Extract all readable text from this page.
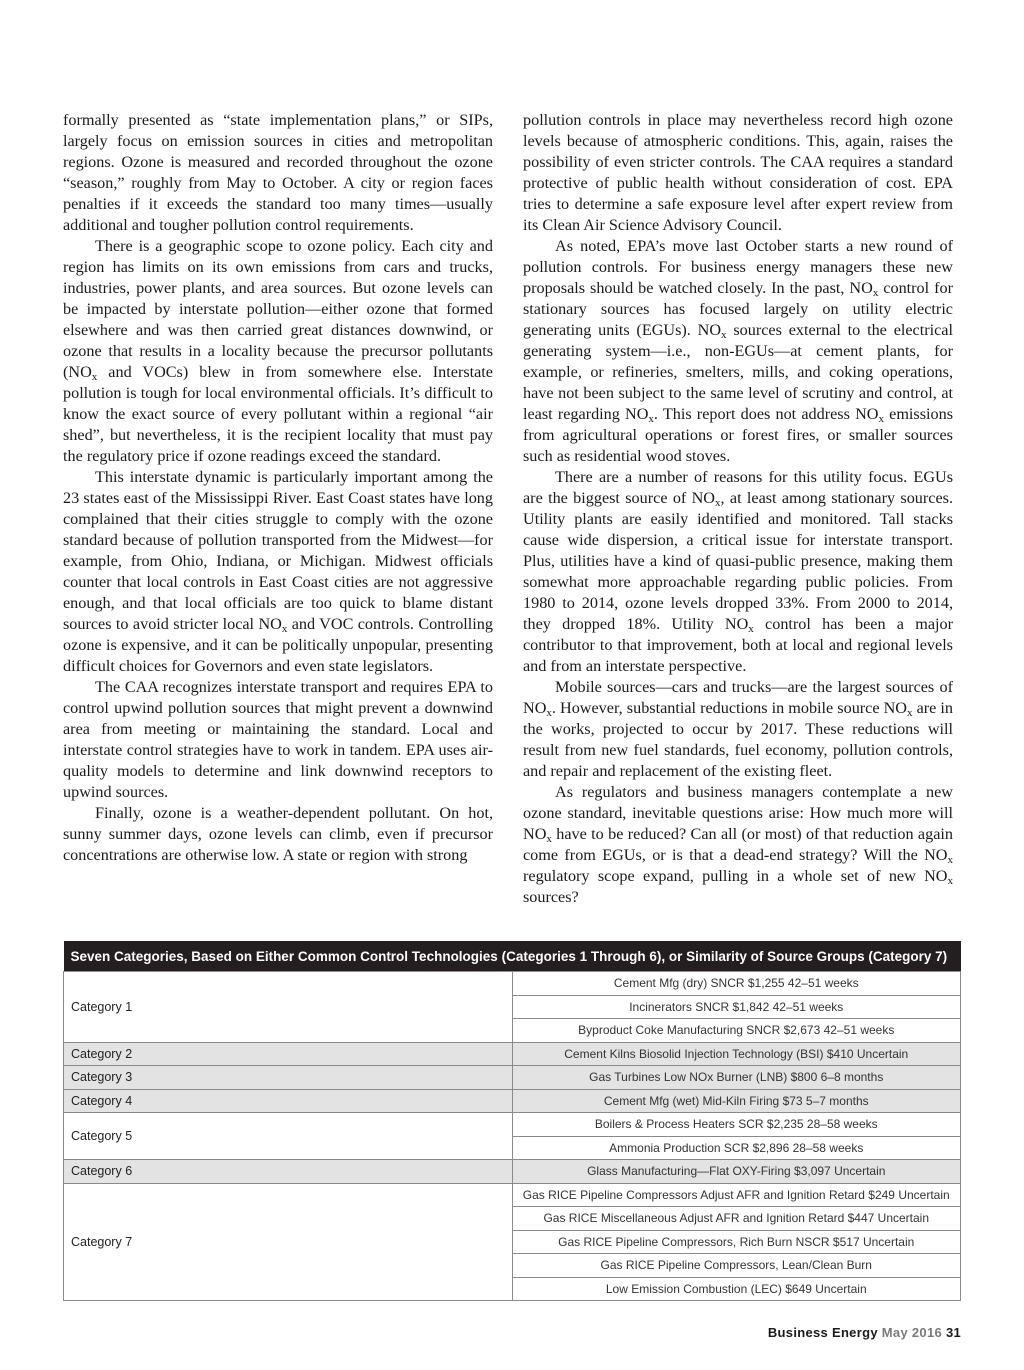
formally presented as “state implementation plans,” or SIPs, largely focus on emission sources in cities and metropolitan regions. Ozone is measured and recorded throughout the ozone “season,” roughly from May to October. A city or region faces penalties if it exceeds the standard too many times—usually additional and tougher pollution control requirements.

There is a geographic scope to ozone policy. Each city and region has limits on its own emissions from cars and trucks, industries, power plants, and area sources. But ozone levels can be impacted by interstate pollution—either ozone that formed elsewhere and was then carried great distances downwind, or ozone that results in a locality because the precursor pollutants ($NO_x$ and VOCs) blew in from somewhere else. Interstate pollution is tough for local environmental officials. It’s difficult to know the exact source of every pollutant within a regional “air shed”, but nevertheless, it is the recipient locality that must pay the regulatory price if ozone readings exceed the standard.

This interstate dynamic is particularly important among the 23 states east of the Mississippi River. East Coast states have long complained that their cities struggle to comply with the ozone standard because of pollution transported from the Midwest—for example, from Ohio, Indiana, or Michigan. Midwest officials counter that local controls in East Coast cities are not aggressive enough, and that local officials are too quick to blame distant sources to avoid stricter local $NO_x$ and VOC controls. Controlling ozone is expensive, and it can be politically unpopular, presenting difficult choices for Governors and even state legislators.

The CAA recognizes interstate transport and requires EPA to control upwind pollution sources that might prevent a downwind area from meeting or maintaining the standard. Local and interstate control strategies have to work in tandem. EPA uses air-quality models to determine and link downwind receptors to upwind sources.

Finally, ozone is a weather-dependent pollutant. On hot, sunny summer days, ozone levels can climb, even if precursor concentrations are otherwise low. A state or region with strong

pollution controls in place may nevertheless record high ozone levels because of atmospheric conditions. This, again, raises the possibility of even stricter controls. The CAA requires a standard protective of public health without consideration of cost. EPA tries to determine a safe exposure level after expert review from its Clean Air Science Advisory Council.

As noted, EPA’s move last October starts a new round of pollution controls. For business energy managers these new proposals should be watched closely. In the past, $NO_x$ control for stationary sources has focused largely on utility electric generating units (EGUs). $NO_x$ sources external to the electrical generating system—i.e., non-EGUs—at cement plants, for example, or refineries, smelters, mills, and coking operations, have not been subject to the same level of scrutiny and control, at least regarding $NO_x$. This report does not address $NO_x$ emissions from agricultural operations or forest fires, or smaller sources such as residential wood stoves.

There are a number of reasons for this utility focus. EGUs are the biggest source of $NO_x$, at least among stationary sources. Utility plants are easily identified and monitored. Tall stacks cause wide dispersion, a critical issue for interstate transport. Plus, utilities have a kind of quasi-public presence, making them somewhat more approachable regarding public policies. From 1980 to 2014, ozone levels dropped 33%. From 2000 to 2014, they dropped 18%. Utility $NO_x$ control has been a major contributor to that improvement, both at local and regional levels and from an interstate perspective.

Mobile sources—cars and trucks—are the largest sources of $NO_x$. However, substantial reductions in mobile source $NO_x$ are in the works, projected to occur by 2017. These reductions will result from new fuel standards, fuel economy, pollution controls, and repair and replacement of the existing fleet.

As regulators and business managers contemplate a new ozone standard, inevitable questions arise: How much more will $NO_x$ have to be reduced? Can all (or most) of that reduction again come from EGUs, or is that a dead-end strategy? Will the $NO_x$ regulatory scope expand, pulling in a whole set of new $NO_x$ sources?

Seven Categories, Based on Either Common Control Technologies (Categories 1 Through 6), or Similarity of Source Groups (Category 7)	
Category 1	Cement Mfg (dry) SNCR $1,255 42–51 weeks
	Incinerators SNCR $1,842 42–51 weeks
	Byproduct Coke Manufacturing SNCR $2,673 42–51 weeks
Category 2	Cement Kilns Biosolid Injection Technology (BSI) $410 Uncertain
Category 3	Gas Turbines Low NOx Burner (LNB) $800 6–8 months
Category 4	Cement Mfg (wet) Mid-Kiln Firing $73 5–7 months
Category 5	Boilers & Process Heaters SCR $2,235 28–58 weeks
	Ammonia Production SCR $2,896 28–58 weeks
Category 6	Glass Manufacturing—Flat OXY-Firing $3,097 Uncertain
Category 7	Gas RICE Pipeline Compressors Adjust AFR and Ignition Retard $249 Uncertain
	Gas RICE Miscellaneous Adjust AFR and Ignition Retard $447 Uncertain
	Gas RICE Pipeline Compressors, Rich Burn NSCR $517 Uncertain
	Gas RICE Pipeline Compressors, Lean/Clean Burn
	Low Emission Combustion (LEC) $649 Uncertain
Business Energy May 2016 31
